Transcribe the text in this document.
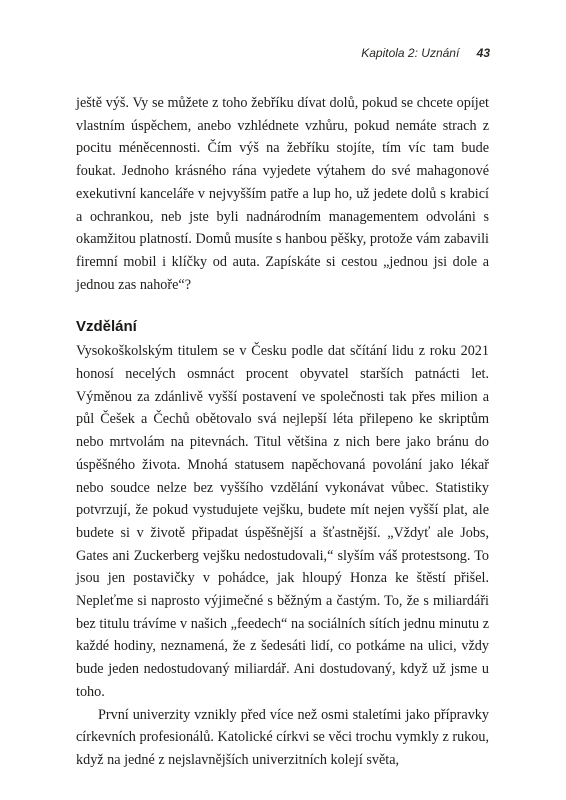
Kapitola 2: Uznání 43

ještě výš. Vy se můžete z toho žebříku dívat dolů, pokud se chcete opíjet vlastním úspěchem, anebo vzhlédnete vzhůru, pokud nemáte strach z pocitu méněcennosti. Čím výš na žebříku stojíte, tím víc tam bude foukat. Jednoho krásného rána vyjedete výtahem do své mahagonové exekutivní kanceláře v nejvyšším patře a lup ho, už jedete dolů s krabicí a ochrankou, neb jste byli nadnárodním managementem odvoláni s okamžitou platností. Domů musíte s hanbou pěšky, protože vám zabavili firemní mobil i klíčky od auta. Zapískáte si cestou „jednou jsi dole a jednou zas nahoře“?

Vzdělání

Vysokoškolským titulem se v Česku podle dat sčítání lidu z roku 2021 honosí necelých osmnáct procent obyvatel starších patnácti let. Výměnou za zdánlivě vyšší postavení ve společnosti tak přes milion a půl Češek a Čechů obětovalo svá nejlepší léta přilepeno ke skriptům nebo mrtvolám na pitevnách. Titul většina z nich bere jako bránu do úspěšného života. Mnohá statusem napěchovaná povolání jako lékař nebo soudce nelze bez vyššího vzdělání vykonávat vůbec. Statistiky potvrzují, že pokud vystudujete vejšku, budete mít nejen vyšší plat, ale budete si v životě připadat úspěšnější a šťastnější. „Vždyť ale Jobs, Gates ani Zuckerberg vejšku nedostudovali,“ slyším váš protestsong. To jsou jen postavičky v pohádce, jak hloupý Honza ke štěstí přišel. Nepleťme si naprosto výjimečné s běžným a častým. To, že s miliardáři bez titulu trávíme v našich „feedech“ na sociálních sítích jednu minutu z každé hodiny, neznamená, že z šedesáti lidí, co potkáme na ulici, vždy bude jeden nedostudovaný miliardář. Ani dostudovaný, když už jsme u toho.

První univerzity vznikly před více než osmi staletími jako přípravky církevních profesionálů. Katolické církvi se věci trochu vymkly z rukou, když na jedné z nejslavnějších univerzitních kolejí světa,
